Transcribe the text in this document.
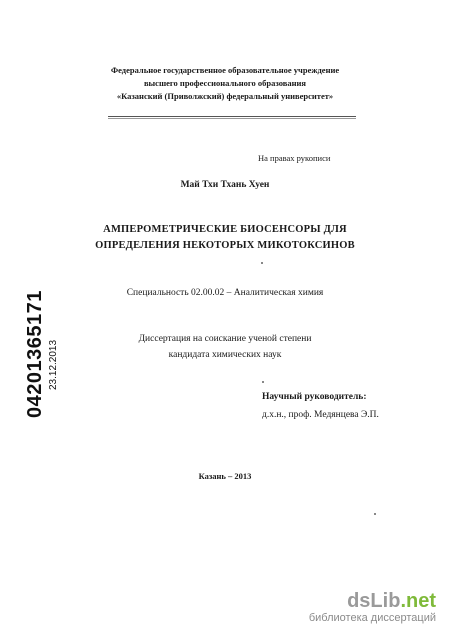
Федеральное государственное образовательное учреждение
высшего профессионального образования
«Казанский (Приволжский) федеральный университет»
На правах рукописи
Май Тхи Тхань Хуен
АМПЕРОМЕТРИЧЕСКИЕ БИОСЕНСОРЫ ДЛЯ
ОПРЕДЕЛЕНИЯ НЕКОТОРЫХ МИКОТОКСИНОВ
Специальность 02.00.02 – Аналитическая химия
Диссертация на соискание ученой степени
кандидата химических наук
Научный руководитель:
д.х.н., проф. Медянцева Э.П.
Казань – 2013
04201365171 23.12.2013
dsLib.net
библиотека диссертаций
